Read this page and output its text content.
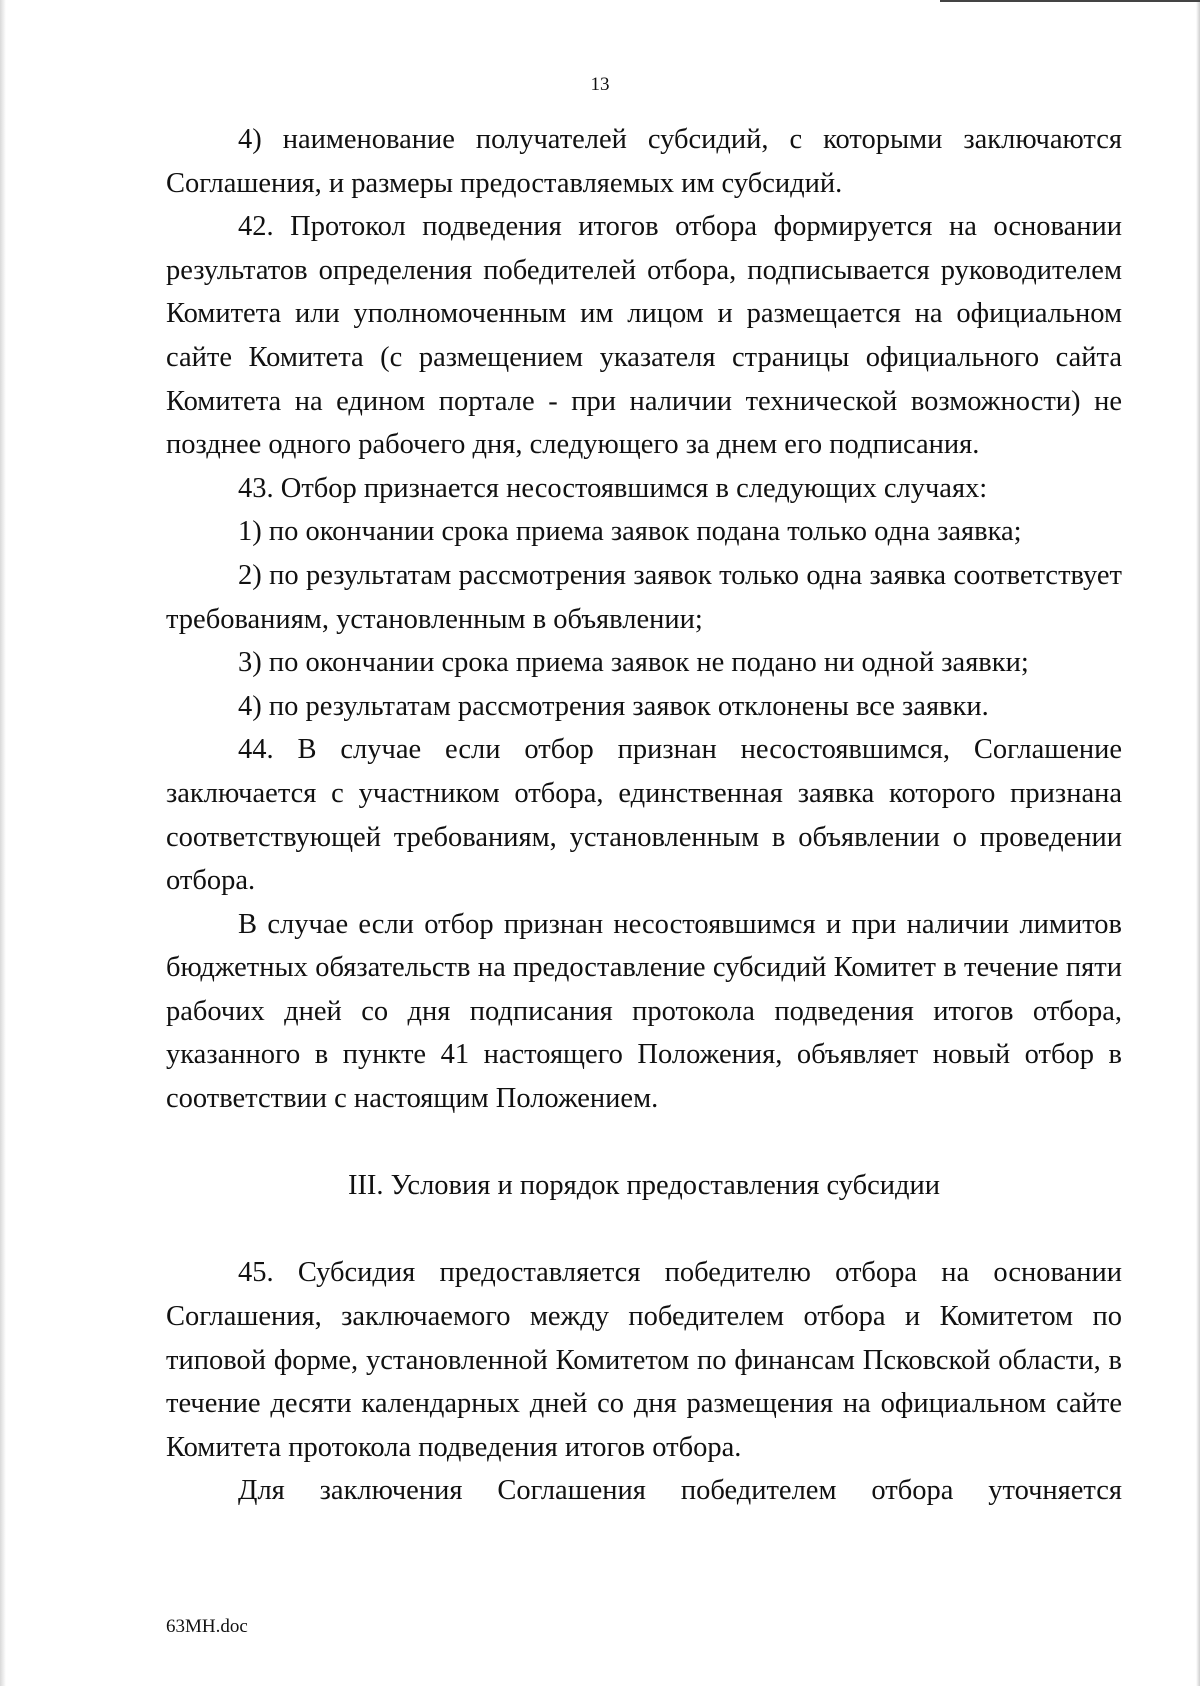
13

4) наименование получателей субсидий, с которыми заключаются Соглашения, и размеры предоставляемых им субсидий.

42. Протокол подведения итогов отбора формируется на основании результатов определения победителей отбора, подписывается руководителем Комитета или уполномоченным им лицом и размещается на официальном сайте Комитета (с размещением указателя страницы официального сайта Комитета на едином портале - при наличии технической возможности) не позднее одного рабочего дня, следующего за днем его подписания.

43. Отбор признается несостоявшимся в следующих случаях:

1) по окончании срока приема заявок подана только одна заявка;

2) по результатам рассмотрения заявок только одна заявка соответствует требованиям, установленным в объявлении;

3) по окончании срока приема заявок не подано ни одной заявки;

4) по результатам рассмотрения заявок отклонены все заявки.

44. В случае если отбор признан несостоявшимся, Соглашение заключается с участником отбора, единственная заявка которого признана соответствующей требованиям, установленным в объявлении о проведении отбора.

В случае если отбор признан несостоявшимся и при наличии лимитов бюджетных обязательств на предоставление субсидий Комитет в течение пяти рабочих дней со дня подписания протокола подведения итогов отбора, указанного в пункте 41 настоящего Положения, объявляет новый отбор в соответствии с настоящим Положением.

III. Условия и порядок предоставления субсидии

45. Субсидия предоставляется победителю отбора на основании Соглашения, заключаемого между победителем отбора и Комитетом по типовой форме, установленной Комитетом по финансам Псковской области, в течение десяти календарных дней со дня размещения на официальном сайте Комитета протокола подведения итогов отбора.

Для заключения Соглашения победителем отбора уточняется

63МН.doc
